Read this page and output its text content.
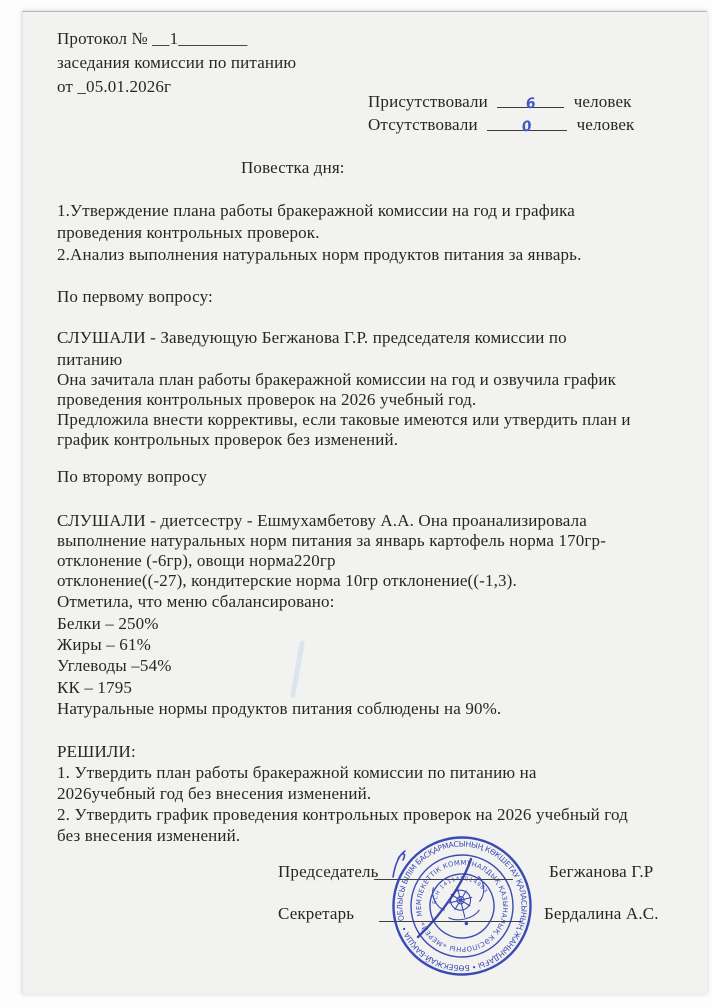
Протокол № __1________
заседания комиссии по питанию
от _05.01.2026г
Присутствовали	6 человек
Отсутствовали	0	человек
Повестка дня:
1.Утверждение плана работы бракеражной комиссии на год и графика
проведения контрольных проверок.
2.Анализ выполнения натуральных норм продуктов питания за январь.
По первому вопросу:
СЛУШАЛИ - Заведующую Бегжанова Г.Р. председателя комиссии по
питанию
Она зачитала план работы бракеражной комиссии на год и озвучила график
проведения контрольных проверок на 2026 учебный год.
Предложила внести коррективы, если таковые имеются или утвердить план и
график контрольных проверок без изменений.
По второму вопросу
СЛУШАЛИ - диетсестру - Ешмухамбетову А.А. Она проанализировала
выполнение натуральных норм питания за январь картофель норма 170гр-
отклонение (-6гр), овощи норма220гр
отклонение((-27), кондитерские норма 10гр отклонение((-1,3).
Отметила, что меню сбалансировано:
Белки – 250%
Жиры – 61%
Углеводы –54%
КК – 1795
Натуральные нормы продуктов питания соблюдены на 90%.
РЕШИЛИ:
1. Утвердить план работы бракеражной комиссии по питанию на
2026учебный год без внесения изменений.
2. Утвердить график проведения контрольных проверок на 2026 учебный год
без внесения изменений.
Председатель	Бегжанова Г.Р
Секретарь	Бердалина А.С.
ОБЛЫСЫ БІЛІМ БАСҚАРМАСЫНЫҢ КӨКШЕТАУ ҚАЛАСЫНЫҢ ЖАНЫНДАҒЫ • БӨБЕКЖАЙ-БАҚША •
МЕМЛЕКЕТТІК КОММУНАЛДЫҚ ҚАЗЫНАЛЫҚ КӘСІПОРНЫ «МЕРЕЙ»
БСН 141140014983
